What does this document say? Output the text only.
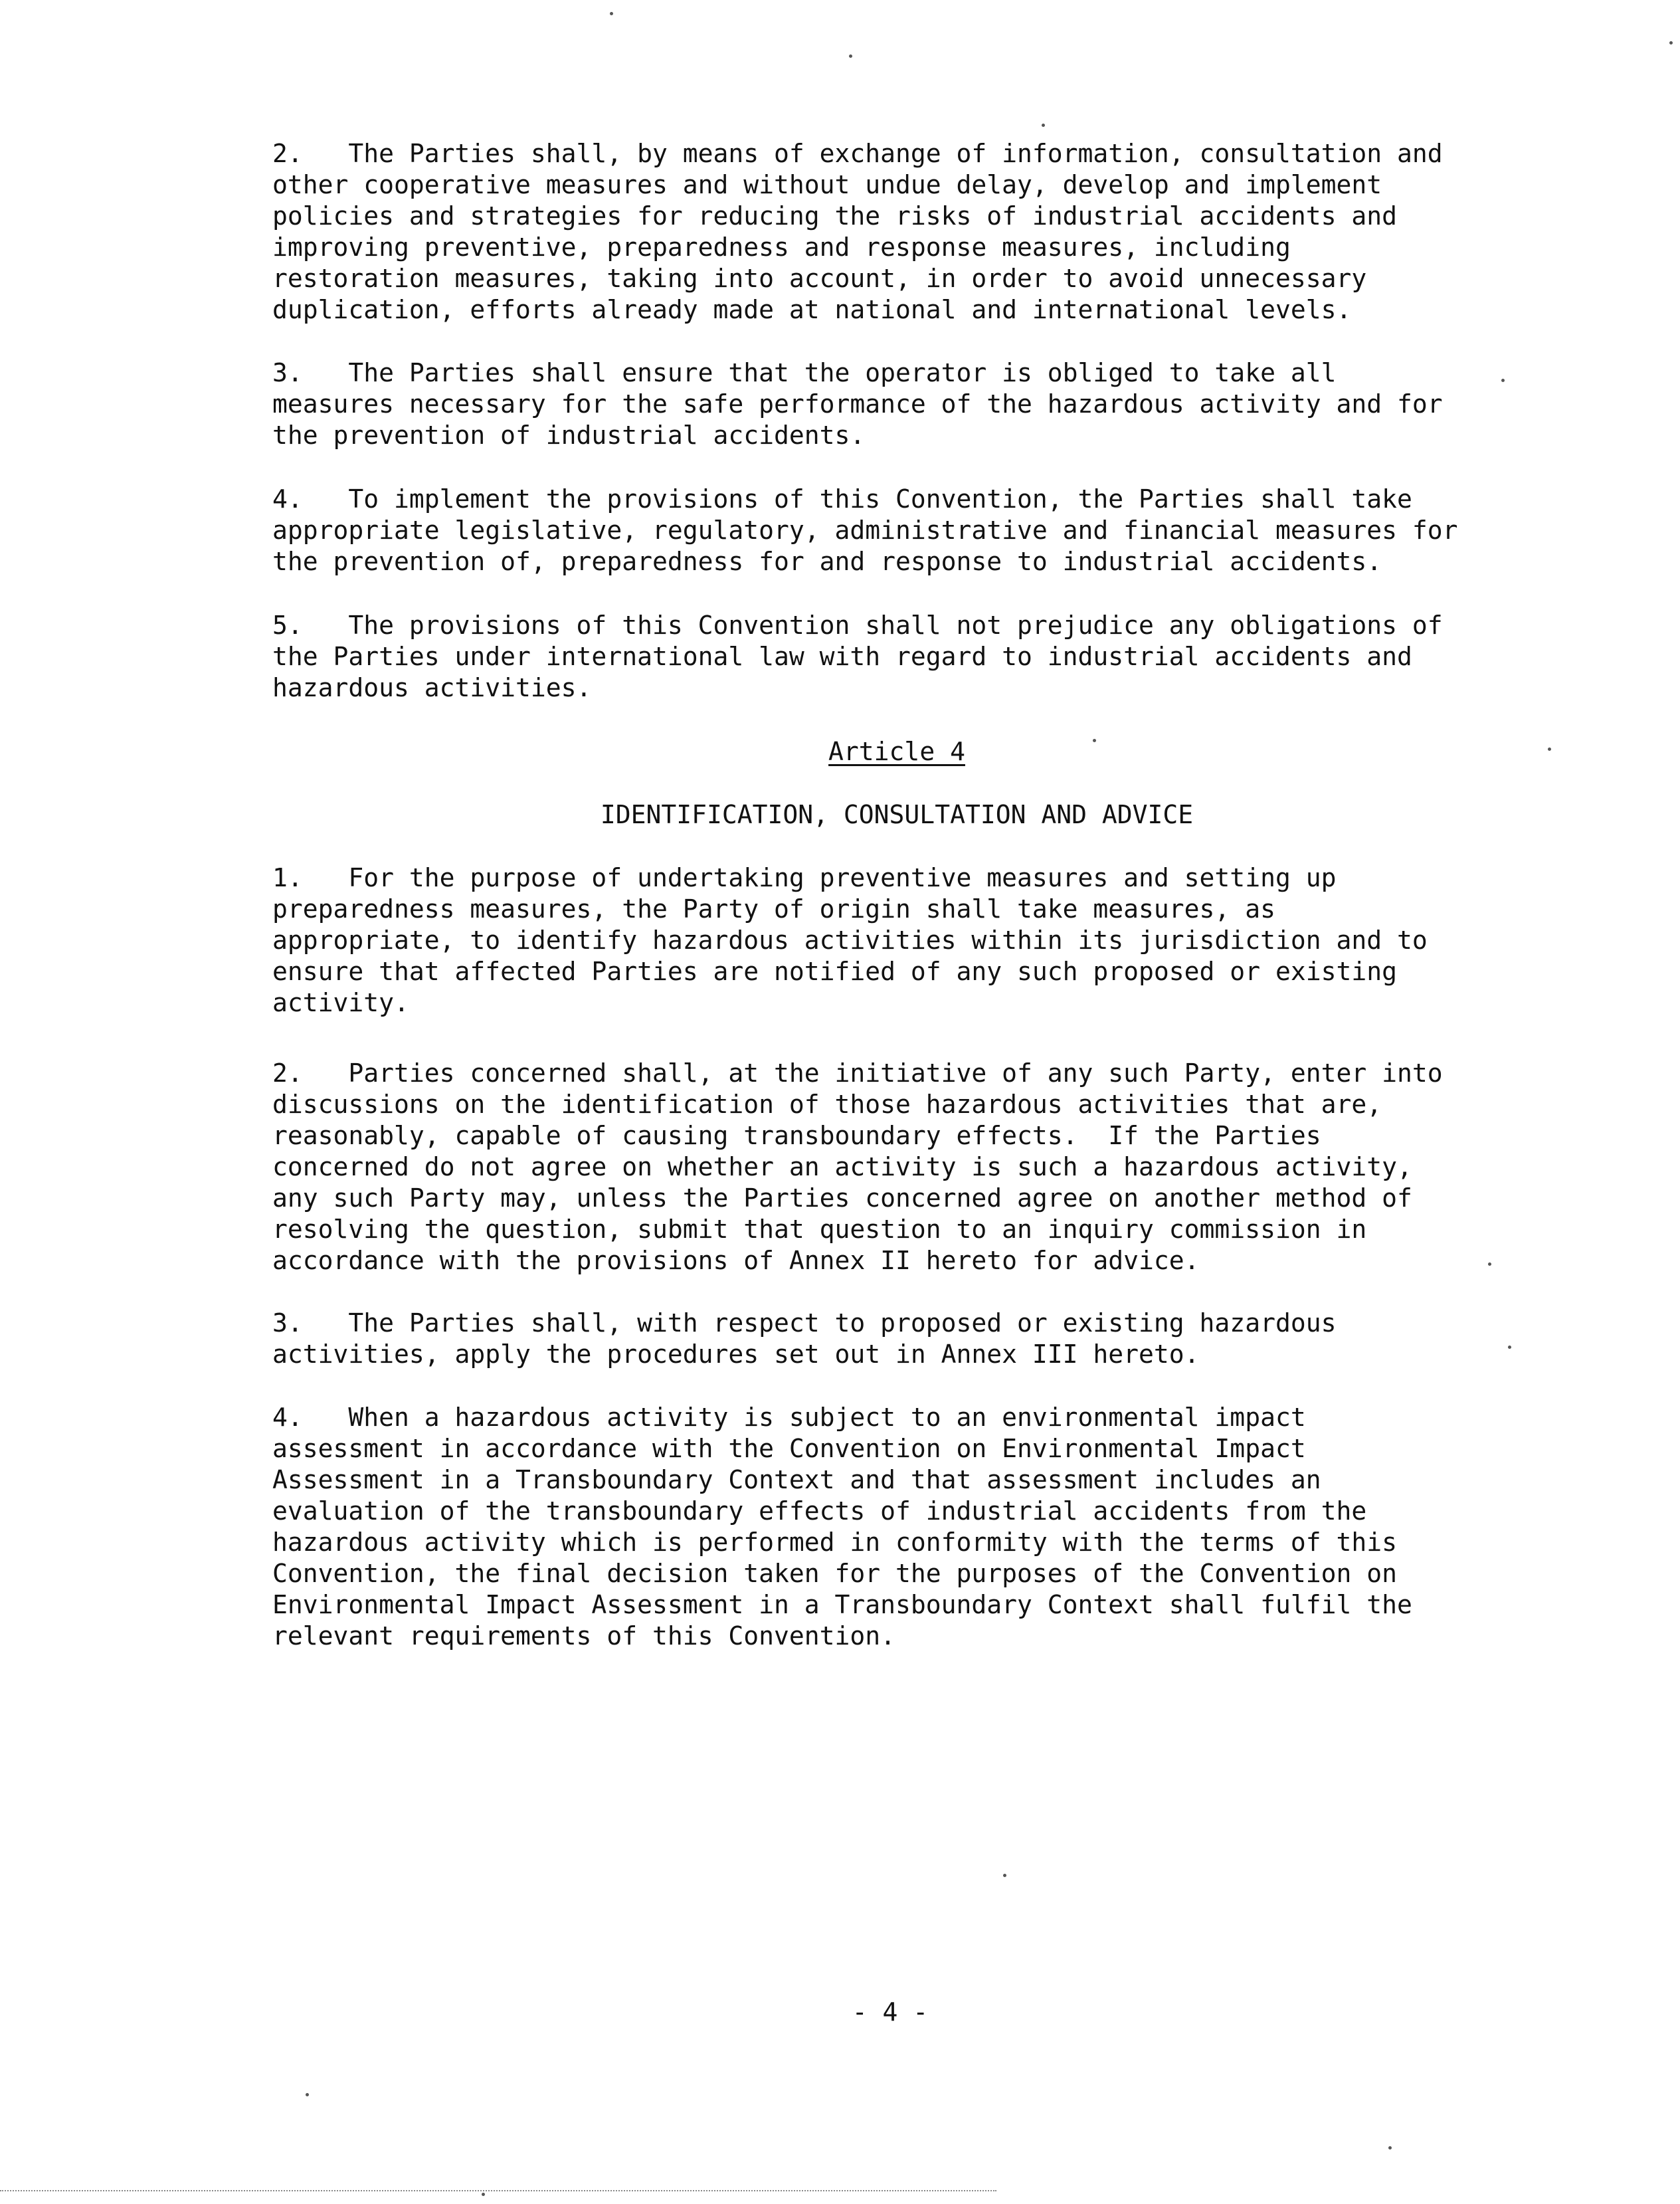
2.   The Parties shall, by means of exchange of information, consultation and
other cooperative measures and without undue delay, develop and implement
policies and strategies for reducing the risks of industrial accidents and
improving preventive, preparedness and response measures, including
restoration measures, taking into account, in order to avoid unnecessary
duplication, efforts already made at national and international levels.

3.   The Parties shall ensure that the operator is obliged to take all
measures necessary for the safe performance of the hazardous activity and for
the prevention of industrial accidents.

4.   To implement the provisions of this Convention, the Parties shall take
appropriate legislative, regulatory, administrative and financial measures for
the prevention of, preparedness for and response to industrial accidents.

5.   The provisions of this Convention shall not prejudice any obligations of
the Parties under international law with regard to industrial accidents and
hazardous activities.

Article 4

IDENTIFICATION, CONSULTATION AND ADVICE

1.   For the purpose of undertaking preventive measures and setting up
preparedness measures, the Party of origin shall take measures, as
appropriate, to identify hazardous activities within its jurisdiction and to
ensure that affected Parties are notified of any such proposed or existing
activity.

2.   Parties concerned shall, at the initiative of any such Party, enter into
discussions on the identification of those hazardous activities that are,
reasonably, capable of causing transboundary effects.  If the Parties
concerned do not agree on whether an activity is such a hazardous activity,
any such Party may, unless the Parties concerned agree on another method of
resolving the question, submit that question to an inquiry commission in
accordance with the provisions of Annex II hereto for advice.

3.   The Parties shall, with respect to proposed or existing hazardous
activities, apply the procedures set out in Annex III hereto.

4.   When a hazardous activity is subject to an environmental impact
assessment in accordance with the Convention on Environmental Impact
Assessment in a Transboundary Context and that assessment includes an
evaluation of the transboundary effects of industrial accidents from the
hazardous activity which is performed in conformity with the terms of this
Convention, the final decision taken for the purposes of the Convention on
Environmental Impact Assessment in a Transboundary Context shall fulfil the
relevant requirements of this Convention.

- 4 -
